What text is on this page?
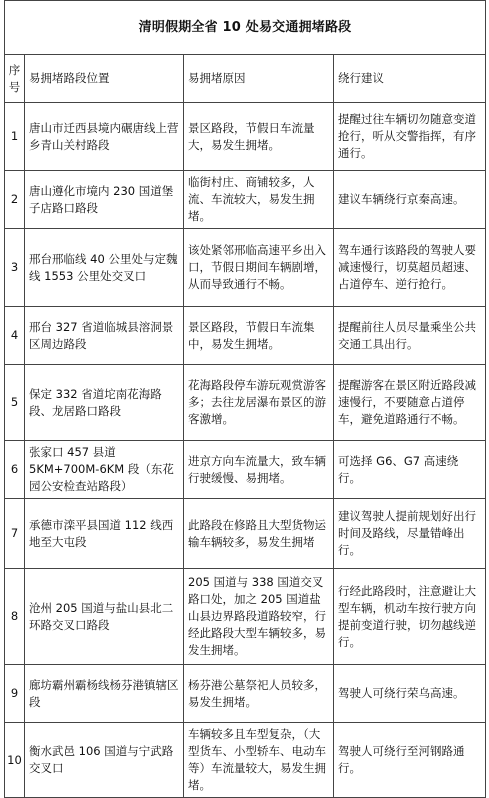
清明假期全省 10 处易交通拥堵路段			
序号	易拥堵路段位置	易拥堵原因	绕行建议
1	唐山市迁西县境内碾唐线上营乡青山关村路段	景区路段，节假日车流量大，易发生拥堵。	提醒过往车辆切勿随意变道抢行，听从交警指挥，有序通行。
2	唐山遵化市境内 230 国道堡子店路口路段	临街村庄、商铺较多，人流、车流较大，易发生拥堵。	建议车辆绕行京秦高速。
3	邢台邢临线 40 公里处与定魏线 1553 公里处交叉口	该处紧邻邢临高速平乡出入口，节假日期间车辆剧增，从而导致通行不畅。	驾车通行该路段的驾驶人要减速慢行，切莫超员超速、占道停车、逆行抢行。
4	邢台 327 省道临城县溶洞景区周边路段	景区路段，节假日车流集中，易发生拥堵。	提醒前往人员尽量乘坐公共交通工具出行。
5	保定 332 省道坨南花海路段、龙居路口路段	花海路段停车游玩观赏游客多；去往龙居瀑布景区的游客激增。	提醒游客在景区附近路段减速慢行，不要随意占道停车，避免道路通行不畅。
6	张家口 457 县道 5KM+700M-6KM 段（东花园公安检查站路段）	进京方向车流量大，致车辆行驶缓慢、易拥堵。	可选择 G6、G7 高速绕行。
7	承德市滦平县国道 112 线西地至大屯段	此路段在修路且大型货物运输车辆较多，易发生拥堵	建议驾驶人提前规划好出行时间及路线，尽量错峰出行。
8	沧州 205 国道与盐山县北二环路交叉口路段	205 国道与 338 国道交叉路口处，加之 205 国道盐山县边界路段道路较窄，行经此路段大型车辆较多，易发生拥堵。	行经此路段时，注意避让大型车辆，机动车按行驶方向提前变道行驶，切勿越线逆行。
9	廊坊霸州霸杨线杨芬港镇辖区段	杨芬港公墓祭祀人员较多，易发生拥堵。	驾驶人可绕行荣乌高速。
10	衡水武邑 106 国道与宁武路交叉口	车辆较多且车型复杂，（大型货车、小型轿车、电动车等）车流量较大，易发生拥堵。	驾驶人可绕行至河钢路通行。
